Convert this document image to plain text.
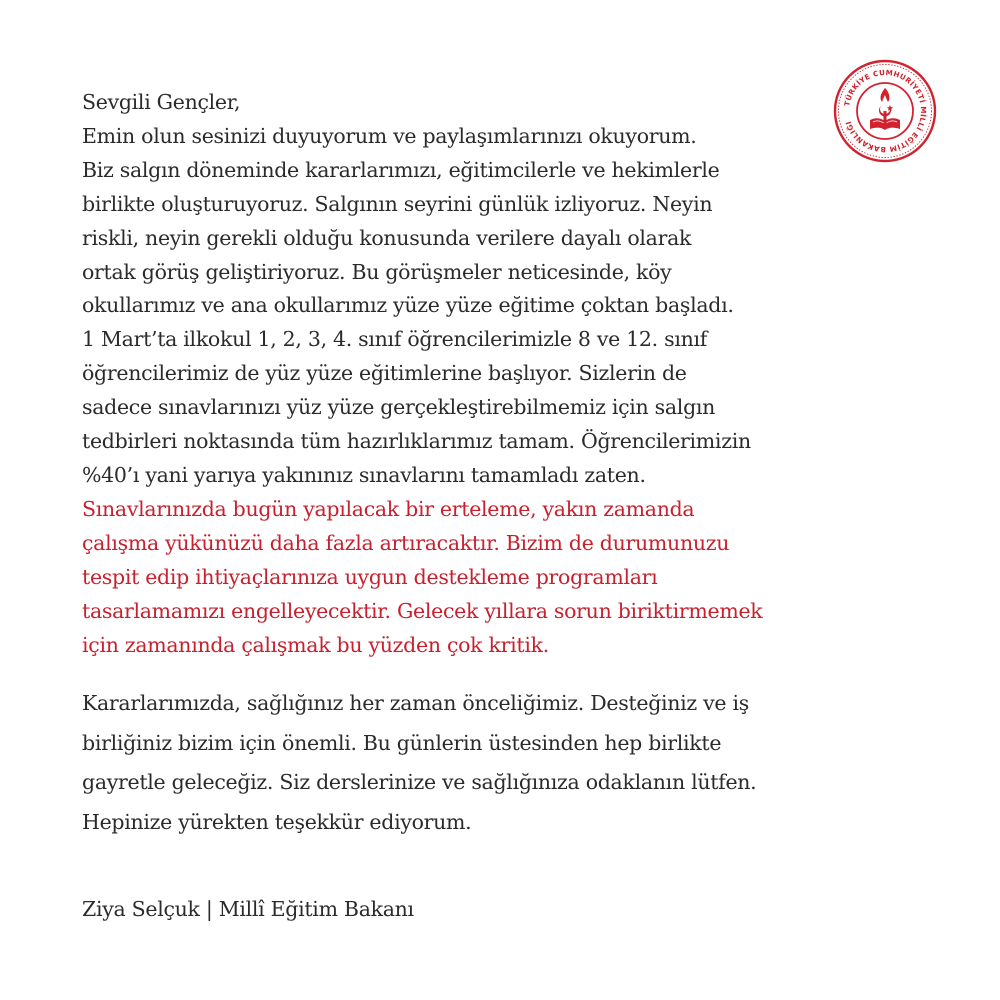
Sevgili Gençler,
Emin olun sesinizi duyuyorum ve paylaşımlarınızı okuyorum.
Biz salgın döneminde kararlarımızı, eğitimcilerle ve hekimlerle
birlikte oluşturuyoruz. Salgının seyrini günlük izliyoruz. Neyin
riskli, neyin gerekli olduğu konusunda verilere dayalı olarak
ortak görüş geliştiriyoruz. Bu görüşmeler neticesinde, köy
okullarımız ve ana okullarımız yüze yüze eğitime çoktan başladı.
1 Mart’ta ilkokul 1, 2, 3, 4. sınıf öğrencilerimizle 8 ve 12. sınıf
öğrencilerimiz de yüz yüze eğitimlerine başlıyor. Sizlerin de
sadece sınavlarınızı yüz yüze gerçekleştirebilmemiz için salgın
tedbirleri noktasında tüm hazırlıklarımız tamam. Öğrencilerimizin
%40’ı yani yarıya yakınınız sınavlarını tamamladı zaten.
Sınavlarınızda bugün yapılacak bir erteleme, yakın zamanda
çalışma yükünüzü daha fazla artıracaktır. Bizim de durumunuzu
tespit edip ihtiyaçlarınıza uygun destekleme programları
tasarlamamızı engelleyecektir. Gelecek yıllara sorun biriktirmemek
için zamanında çalışmak bu yüzden çok kritik.
Kararlarımızda, sağlığınız her zaman önceliğimiz. Desteğiniz ve iş
birliğiniz bizim için önemli. Bu günlerin üstesinden hep birlikte
gayretle geleceğiz. Siz derslerinize ve sağlığınıza odaklanın lütfen.
Hepinize yürekten teşekkür ediyorum.
Ziya Selçuk | Millî Eğitim Bakanı
TÜRKİYE CUMHURİYETİ MİLLÎ EĞİTİM BAKANLIĞI
